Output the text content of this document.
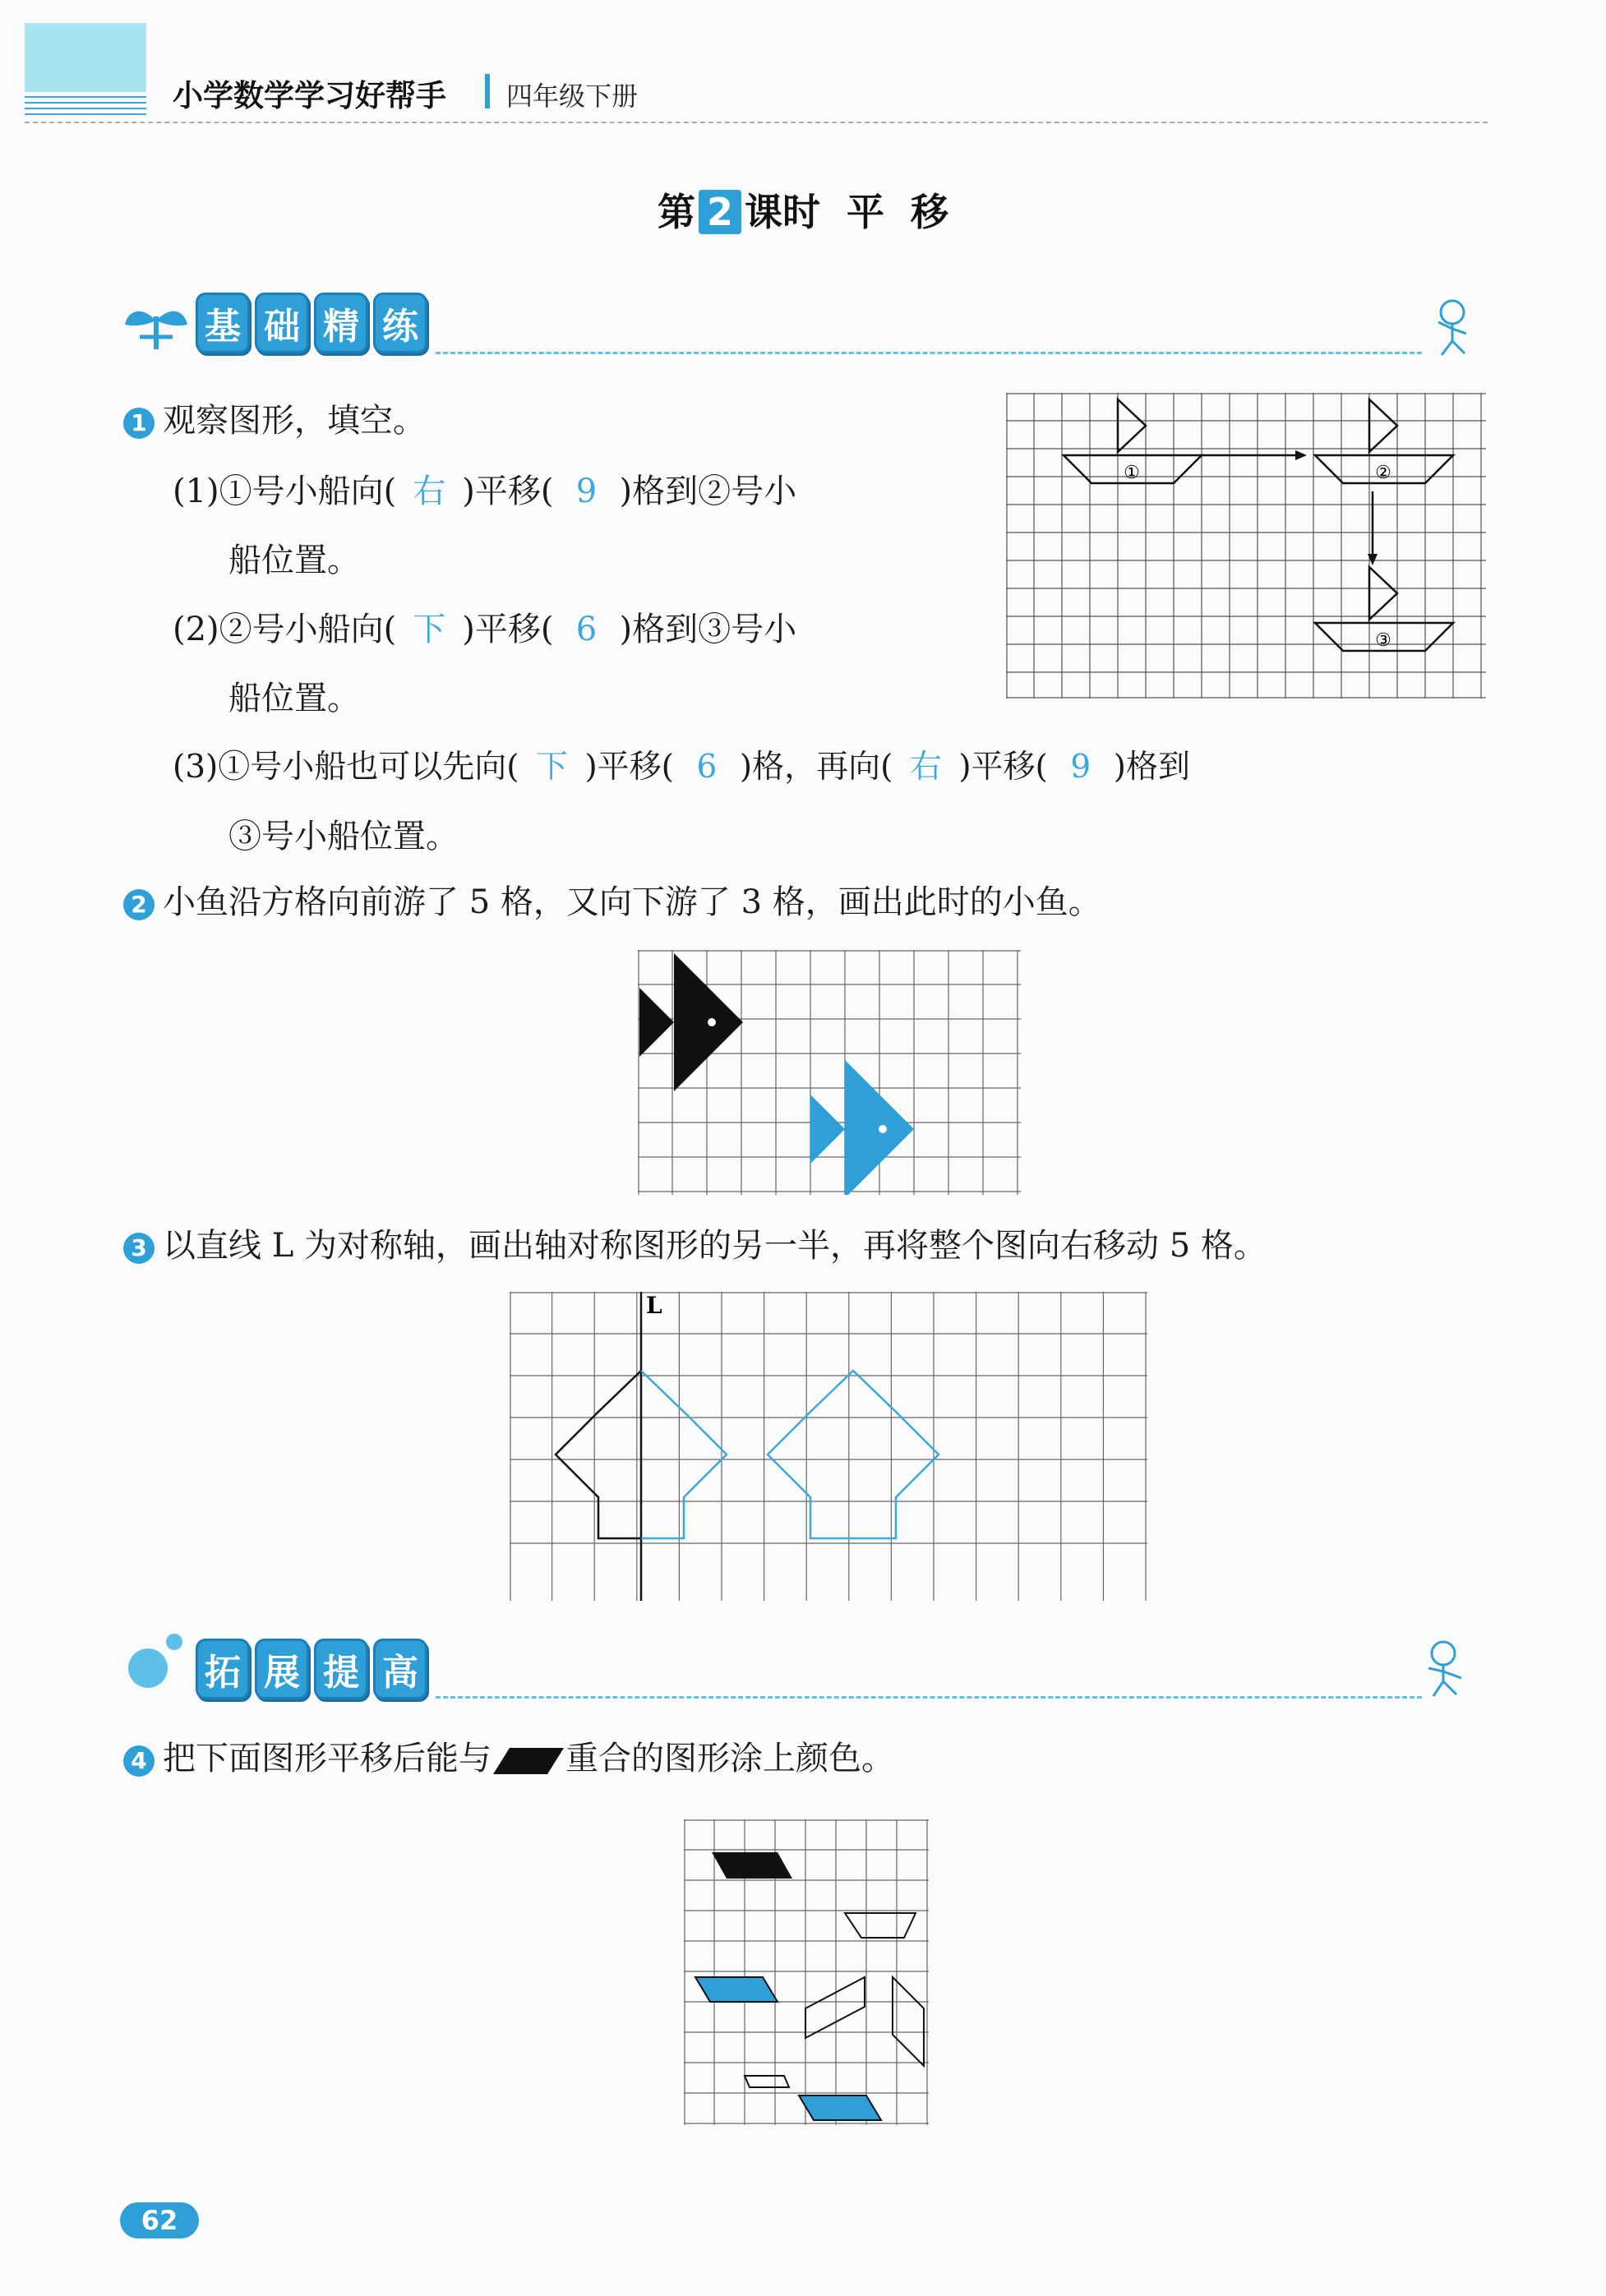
小学数学学习好帮手 四年级下册
第 2 课时  平  移
基 础 精 练
1 观察图形，填空。
(1)①号小船向( 右 )平移( 9 )格到②号小
船位置。
(2)②号小船向( 下 )平移( 6 )格到③号小
船位置。
(3)①号小船也可以先向( 下 )平移( 6 )格，再向( 右 )平移( 9 )格到
③号小船位置。
①	②
③
2 小鱼沿方格向前游了 5 格，又向下游了 3 格，画出此时的小鱼。
3 以直线 L 为对称轴，画出轴对称图形的另一半，再将整个图向右移动 5 格。
L
拓 展 提 高
4 把下面图形平移后能与 重合的图形涂上颜色。
62
